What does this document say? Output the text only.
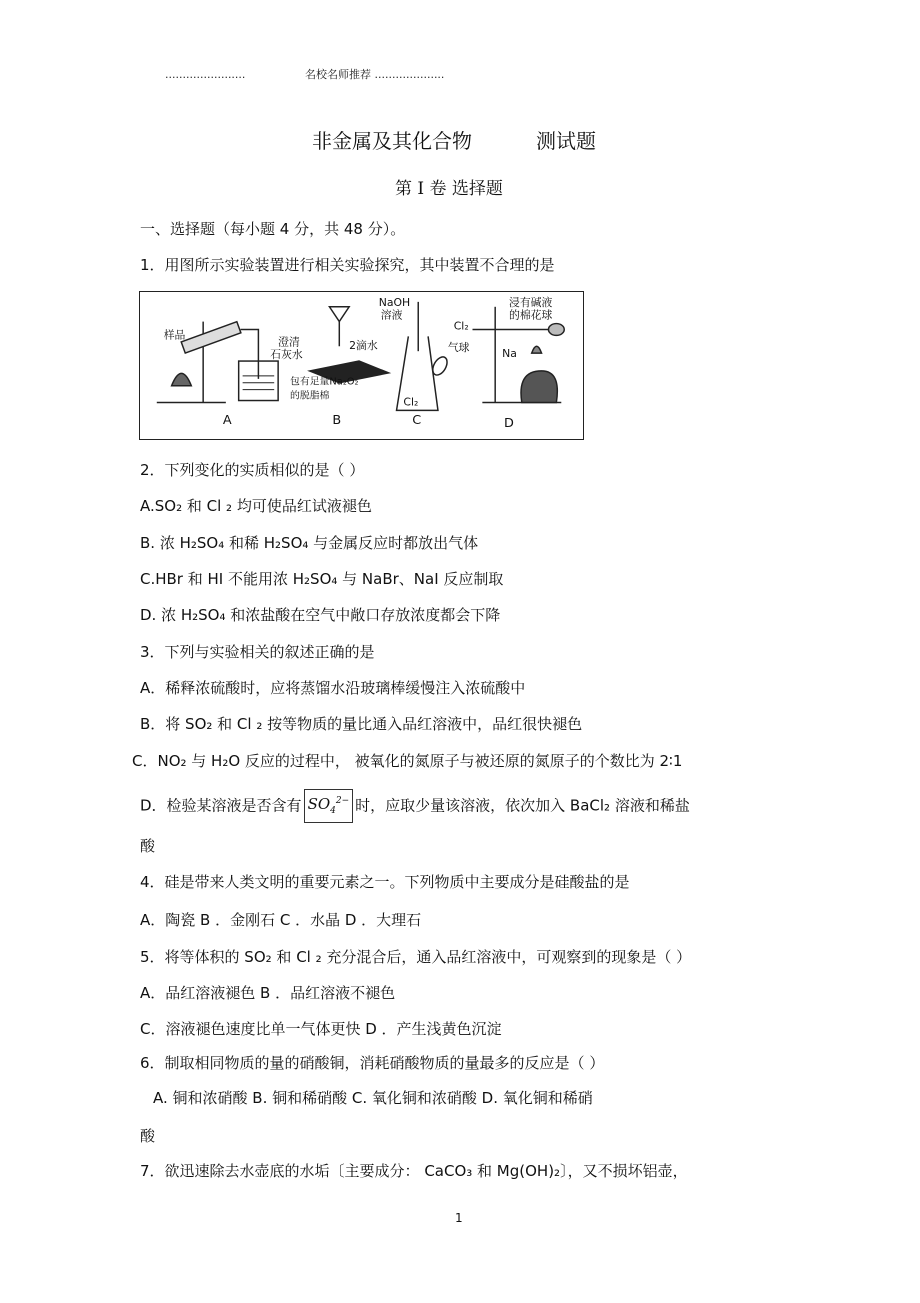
.......................	名校名师推荐 ....................
非金属及其化合物	测试题
第 I 卷 选择题
一、选择题（每小题 4 分，共 48 分）。
1．用图所示实验装置进行相关实验探究，其中装置不合理的是
样品
澄清
石灰水
2滴水
包有足量Na₂O₂
的脱脂棉
NaOH
溶液
Cl₂
气球
浸有碱液
的棉花球
Cl₂
Na
A	B	C	D
2．下列变化的实质相似的是（ ）
A.SO₂ 和 Cl ₂ 均可使品红试液褪色
B. 浓 H₂SO₄ 和稀 H₂SO₄ 与金属反应时都放出气体
C.HBr 和 HI 不能用浓 H₂SO₄ 与 NaBr、NaI 反应制取
D. 浓 H₂SO₄ 和浓盐酸在空气中敞口存放浓度都会下降
3．下列与实验相关的叙述正确的是
A．稀释浓硫酸时，应将蒸馏水沿玻璃棒缓慢注入浓硫酸中
B．将 SO₂ 和 Cl ₂ 按等物质的量比通入品红溶液中，品红很快褪色
C．NO₂ 与 H₂O 反应的过程中， 被氧化的氮原子与被还原的氮原子的个数比为 2∶1
D．检验某溶液是否含有 $SO_4^{2-}$ 时，应取少量该溶液，依次加入 BaCl₂ 溶液和稀盐
酸
4．硅是带来人类文明的重要元素之一。下列物质中主要成分是硅酸盐的是
A．陶瓷 B ．金刚石 C ．水晶 D ．大理石
5．将等体积的 SO₂ 和 Cl ₂ 充分混合后，通入品红溶液中，可观察到的现象是（ ）
A．品红溶液褪色 B ．品红溶液不褪色
C．溶液褪色速度比单一气体更快 D ．产生浅黄色沉淀
6．制取相同物质的量的硝酸铜，消耗硝酸物质的量最多的反应是（ ）
A. 铜和浓硝酸 B. 铜和稀硝酸 C. 氧化铜和浓硝酸 D. 氧化铜和稀硝
酸
7．欲迅速除去水壶底的水垢〔主要成分： CaCO₃ 和 Mg(OH)₂〕，又不损坏铝壶，
1
